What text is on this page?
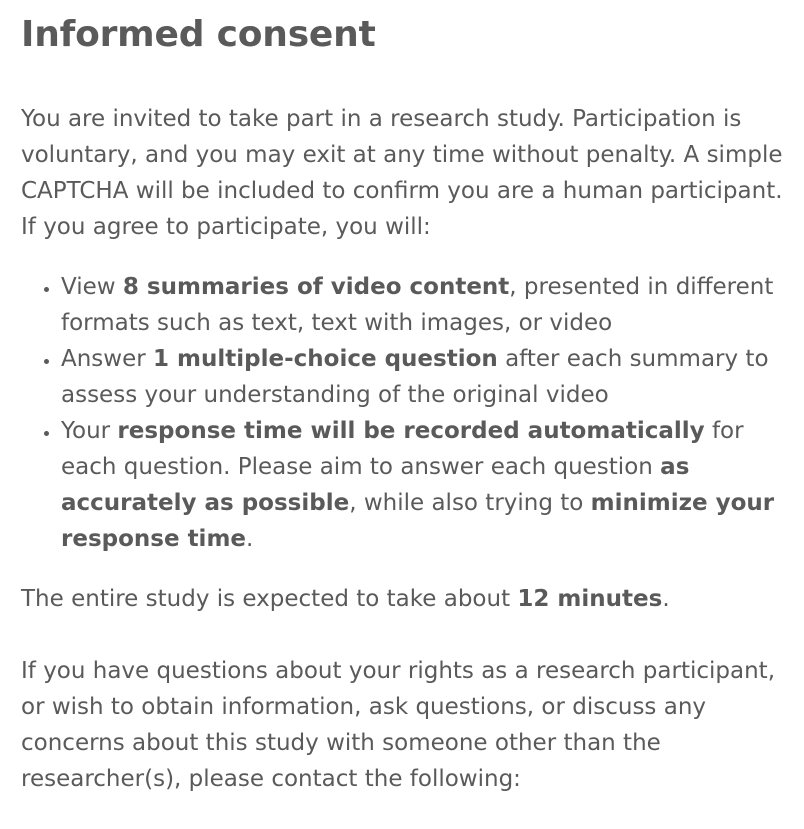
Informed consent

You are invited to take part in a research study. Participation is voluntary, and you may exit at any time without penalty. A simple CAPTCHA will be included to confirm you are a human participant.
If you agree to participate, you will:

• View 8 summaries of video content, presented in different formats such as text, text with images, or video
• Answer 1 multiple-choice question after each summary to assess your understanding of the original video
• Your response time will be recorded automatically for each question. Please aim to answer each question as accurately as possible, while also trying to minimize your response time.

The entire study is expected to take about 12 minutes.

If you have questions about your rights as a research participant, or wish to obtain information, ask questions, or discuss any concerns about this study with someone other than the researcher(s), please contact the following:
